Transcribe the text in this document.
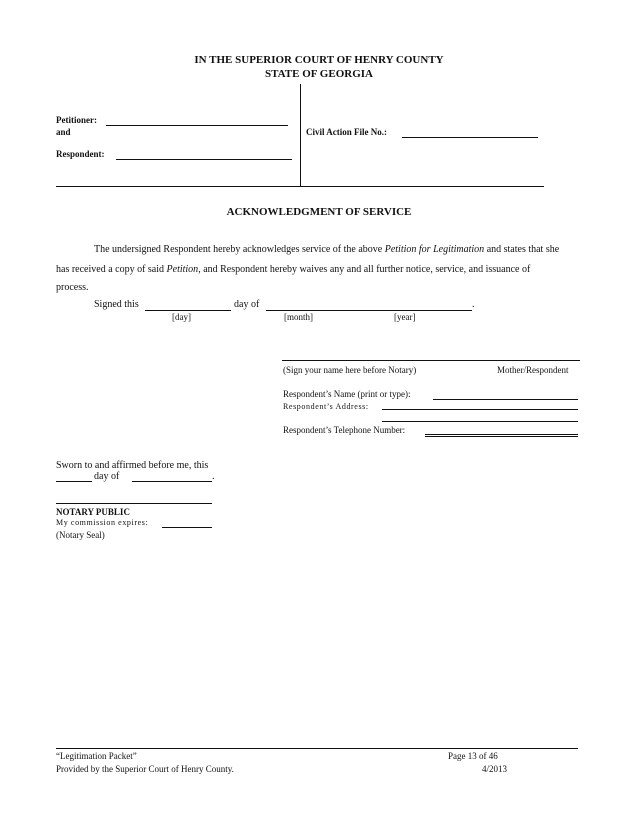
IN THE SUPERIOR COURT OF HENRY COUNTY
STATE OF GEORGIA
Petitioner:
and
Respondent:
Civil Action File No.:
ACKNOWLEDGMENT OF SERVICE
The undersigned Respondent hereby acknowledges service of the above Petition for Legitimation and states that she
has received a copy of said Petition, and Respondent hereby waives any and all further notice, service, and issuance of
process.
Signed this	day of	.
[day]	[month]	[year]
(Sign your name here before Notary)	Mother/Respondent
Respondent’s Name (print or type):
Respondent’s Address:
Respondent’s Telephone Number:
Sworn to and affirmed before me, this
day of	.
NOTARY PUBLIC
My commission expires:
(Notary Seal)
“Legitimation Packet”
Provided by the Superior Court of Henry County.
Page 13 of 46
4/2013
